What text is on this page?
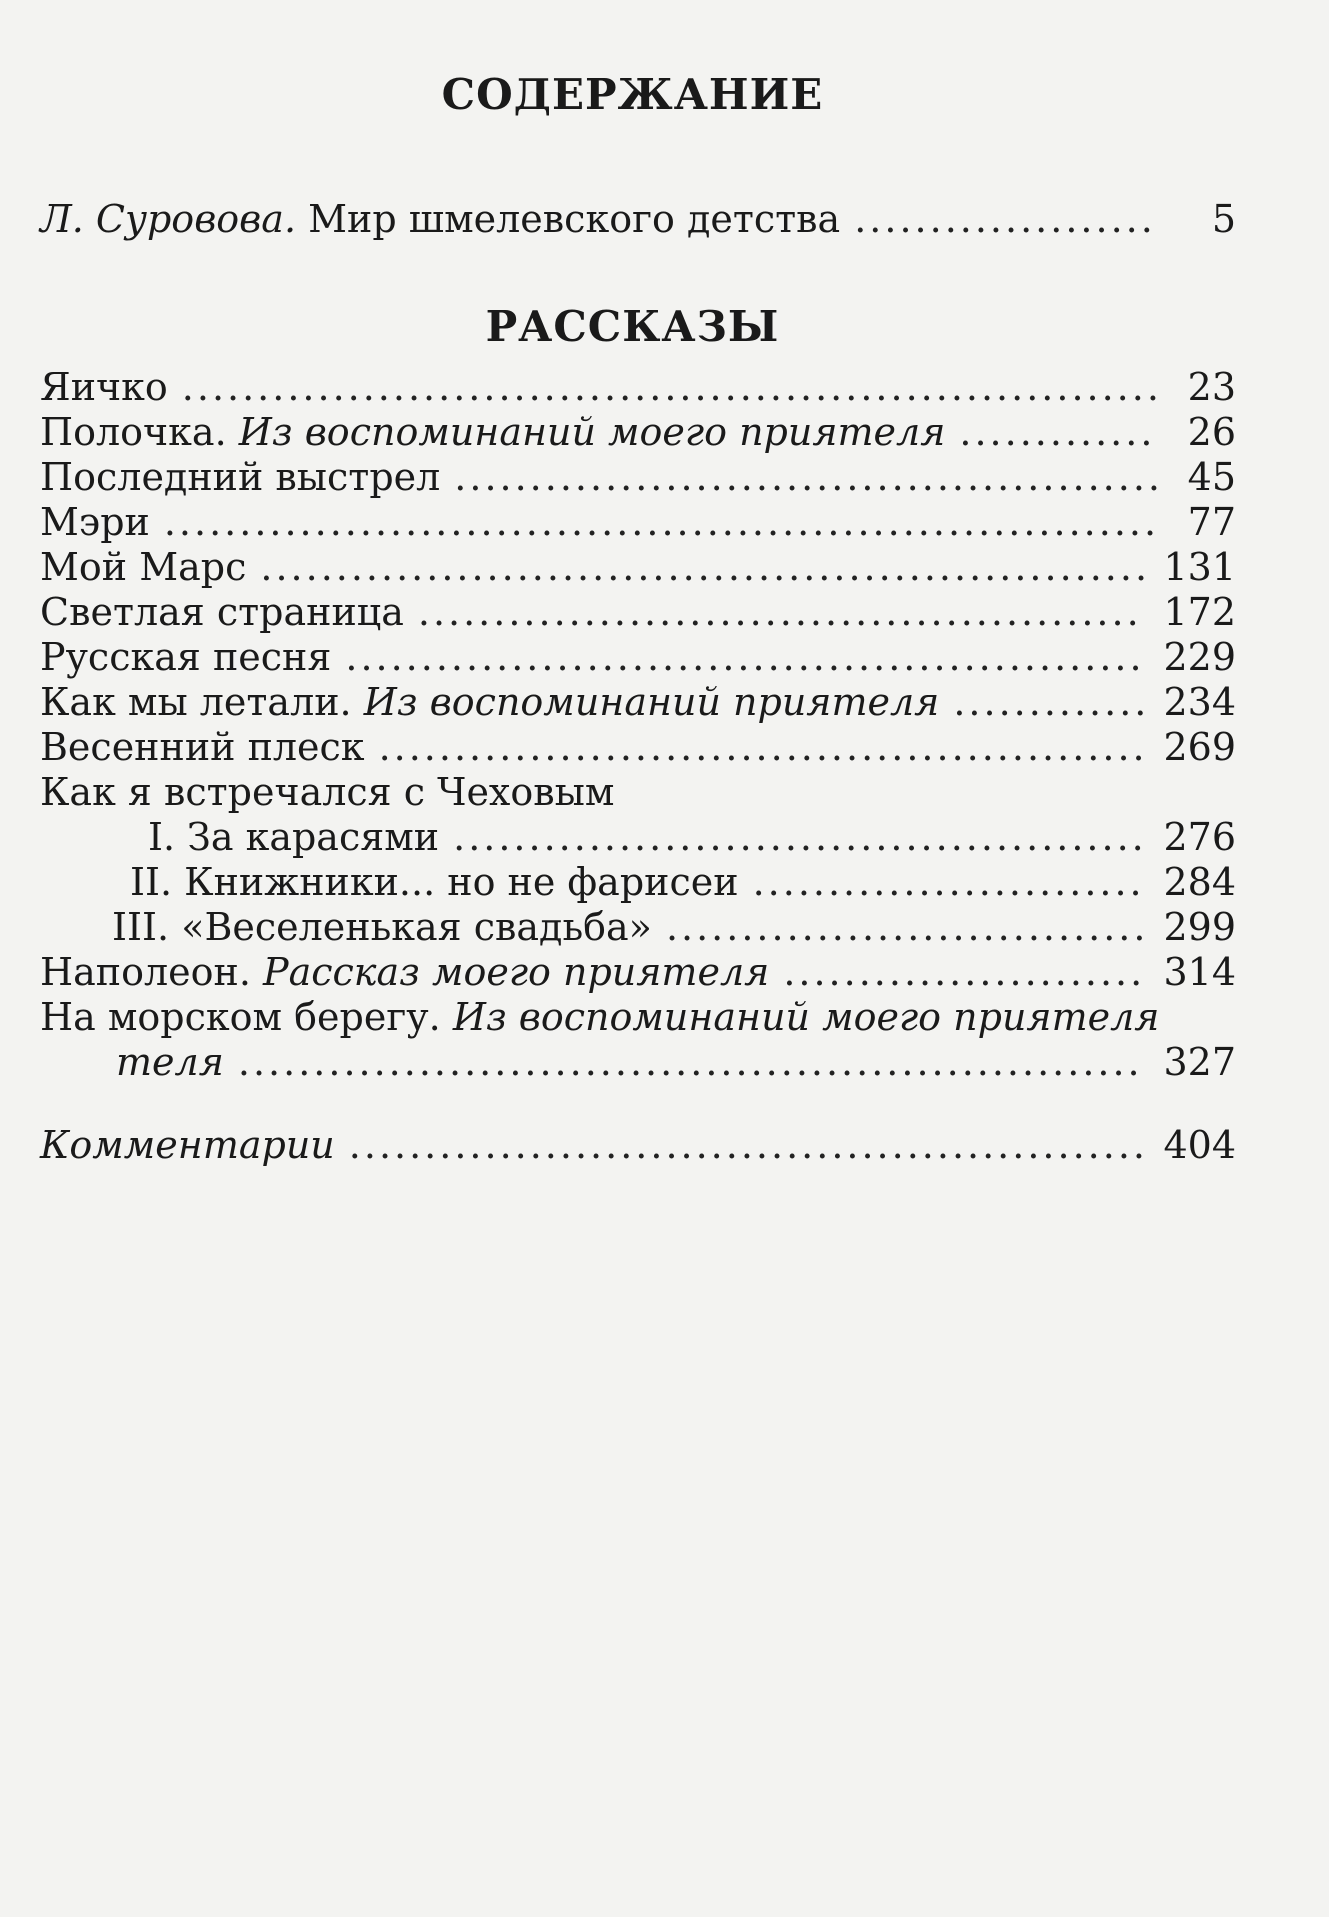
СОДЕРЖАНИЕ
Л. Суровова. Мир шмелевского детства .....	5
РАССКАЗЫ
Яичко .....	23
Полочка. Из воспоминаний моего приятеля .....	26
Последний выстрел .....	45
Мэри .....	77
Мой Марс .....	131
Светлая страница .....	172
Русская песня .....	229
Как мы летали. Из воспоминаний приятеля .....	234
Весенний плеск .....	269
Как я встречался с Чеховым
I. За карасями .....	276
II. Книжники... но не фарисеи .....	284
III. «Веселенькая свадьба» .....	299
Наполеон. Рассказ моего приятеля .....	314
На морском берегу. Из воспоминаний моего приятеля
теля .....	327
Комментарии .....	404
